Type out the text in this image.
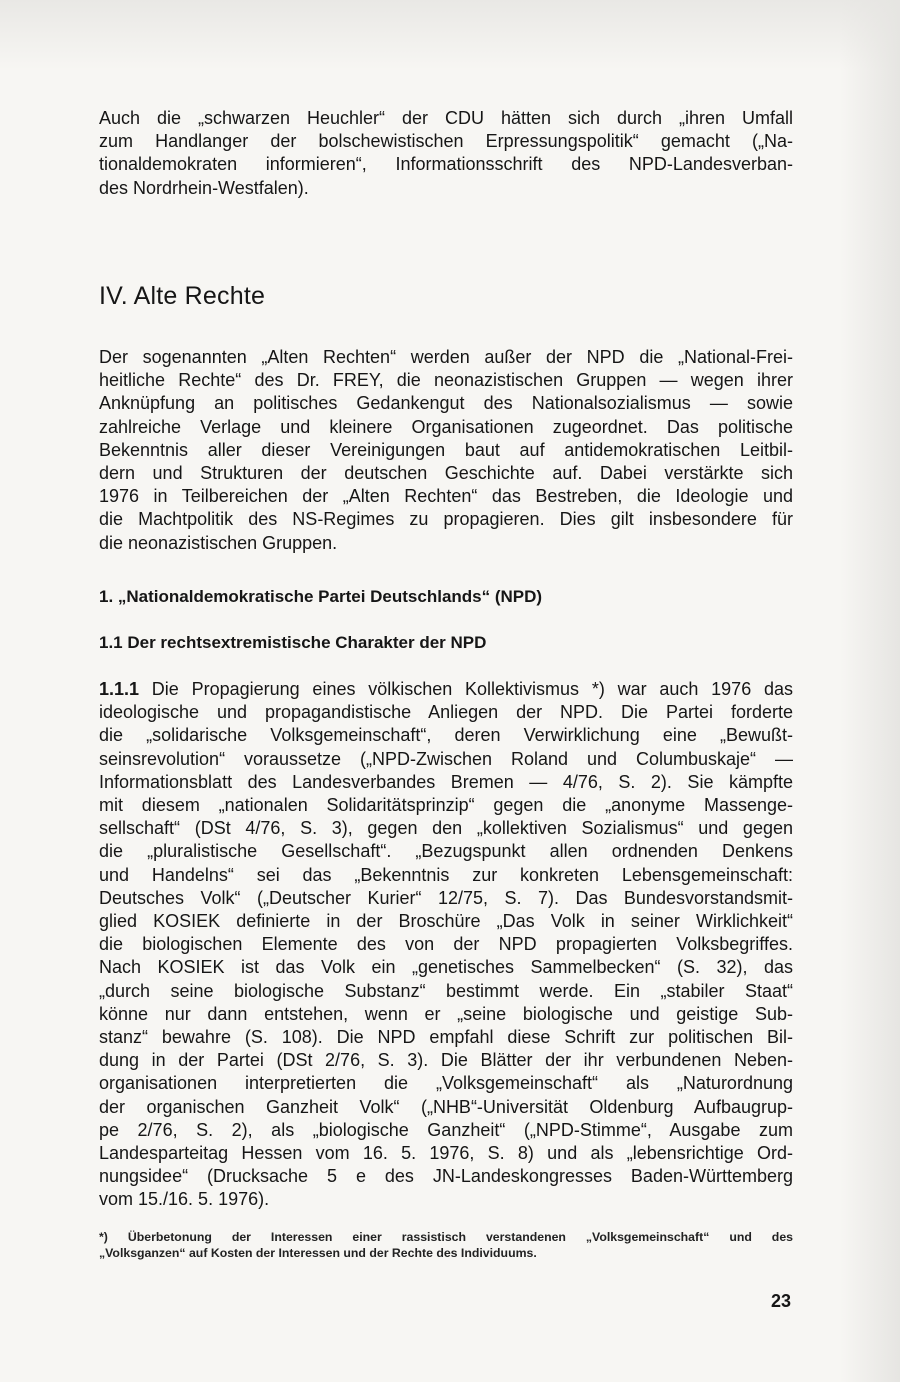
Auch die „schwarzen Heuchler“ der CDU hätten sich durch „ihren Umfall
zum Handlanger der bolschewistischen Erpressungspolitik“ gemacht („Na-
tionaldemokraten informieren“, Informationsschrift des NPD-Landesverban-
des Nordrhein-Westfalen).

IV. Alte Rechte

Der sogenannten „Alten Rechten“ werden außer der NPD die „National-Frei-
heitliche Rechte“ des Dr. FREY, die neonazistischen Gruppen — wegen ihrer
Anknüpfung an politisches Gedankengut des Nationalsozialismus — sowie
zahlreiche Verlage und kleinere Organisationen zugeordnet. Das politische
Bekenntnis aller dieser Vereinigungen baut auf antidemokratischen Leitbil-
dern und Strukturen der deutschen Geschichte auf. Dabei verstärkte sich
1976 in Teilbereichen der „Alten Rechten“ das Bestreben, die Ideologie und
die Machtpolitik des NS-Regimes zu propagieren. Dies gilt insbesondere für
die neonazistischen Gruppen.

1. „Nationaldemokratische Partei Deutschlands“ (NPD)
1.1 Der rechtsextremistische Charakter der NPD

1.1.1 Die Propagierung eines völkischen Kollektivismus *) war auch 1976 das
ideologische und propagandistische Anliegen der NPD. Die Partei forderte
die „solidarische Volksgemeinschaft“, deren Verwirklichung eine „Bewußt-
seinsrevolution“ voraussetze („NPD-Zwischen Roland und Columbuskaje“ —
Informationsblatt des Landesverbandes Bremen — 4/76, S. 2). Sie kämpfte
mit diesem „nationalen Solidaritätsprinzip“ gegen die „anonyme Massenge-
sellschaft“ (DSt 4/76, S. 3), gegen den „kollektiven Sozialismus“ und gegen
die „pluralistische Gesellschaft“. „Bezugspunkt allen ordnenden Denkens
und Handelns“ sei das „Bekenntnis zur konkreten Lebensgemeinschaft:
Deutsches Volk“ („Deutscher Kurier“ 12/75, S. 7). Das Bundesvorstandsmit-
glied KOSIEK definierte in der Broschüre „Das Volk in seiner Wirklichkeit“
die biologischen Elemente des von der NPD propagierten Volksbegriffes.
Nach KOSIEK ist das Volk ein „genetisches Sammelbecken“ (S. 32), das
„durch seine biologische Substanz“ bestimmt werde. Ein „stabiler Staat“
könne nur dann entstehen, wenn er „seine biologische und geistige Sub-
stanz“ bewahre (S. 108). Die NPD empfahl diese Schrift zur politischen Bil-
dung in der Partei (DSt 2/76, S. 3). Die Blätter der ihr verbundenen Neben-
organisationen interpretierten die „Volksgemeinschaft“ als „Naturordnung
der organischen Ganzheit Volk“ („NHB“-Universität Oldenburg Aufbaugrup-
pe 2/76, S. 2), als „biologische Ganzheit“ („NPD-Stimme“, Ausgabe zum
Landesparteitag Hessen vom 16. 5. 1976, S. 8) und als „lebensrichtige Ord-
nungsidee“ (Drucksache 5 e des JN-Landeskongresses Baden-Württemberg
vom 15./16. 5. 1976).

*) Überbetonung der Interessen einer rassistisch verstandenen „Volksgemeinschaft“ und des
„Volksganzen“ auf Kosten der Interessen und der Rechte des Individuums.
23
